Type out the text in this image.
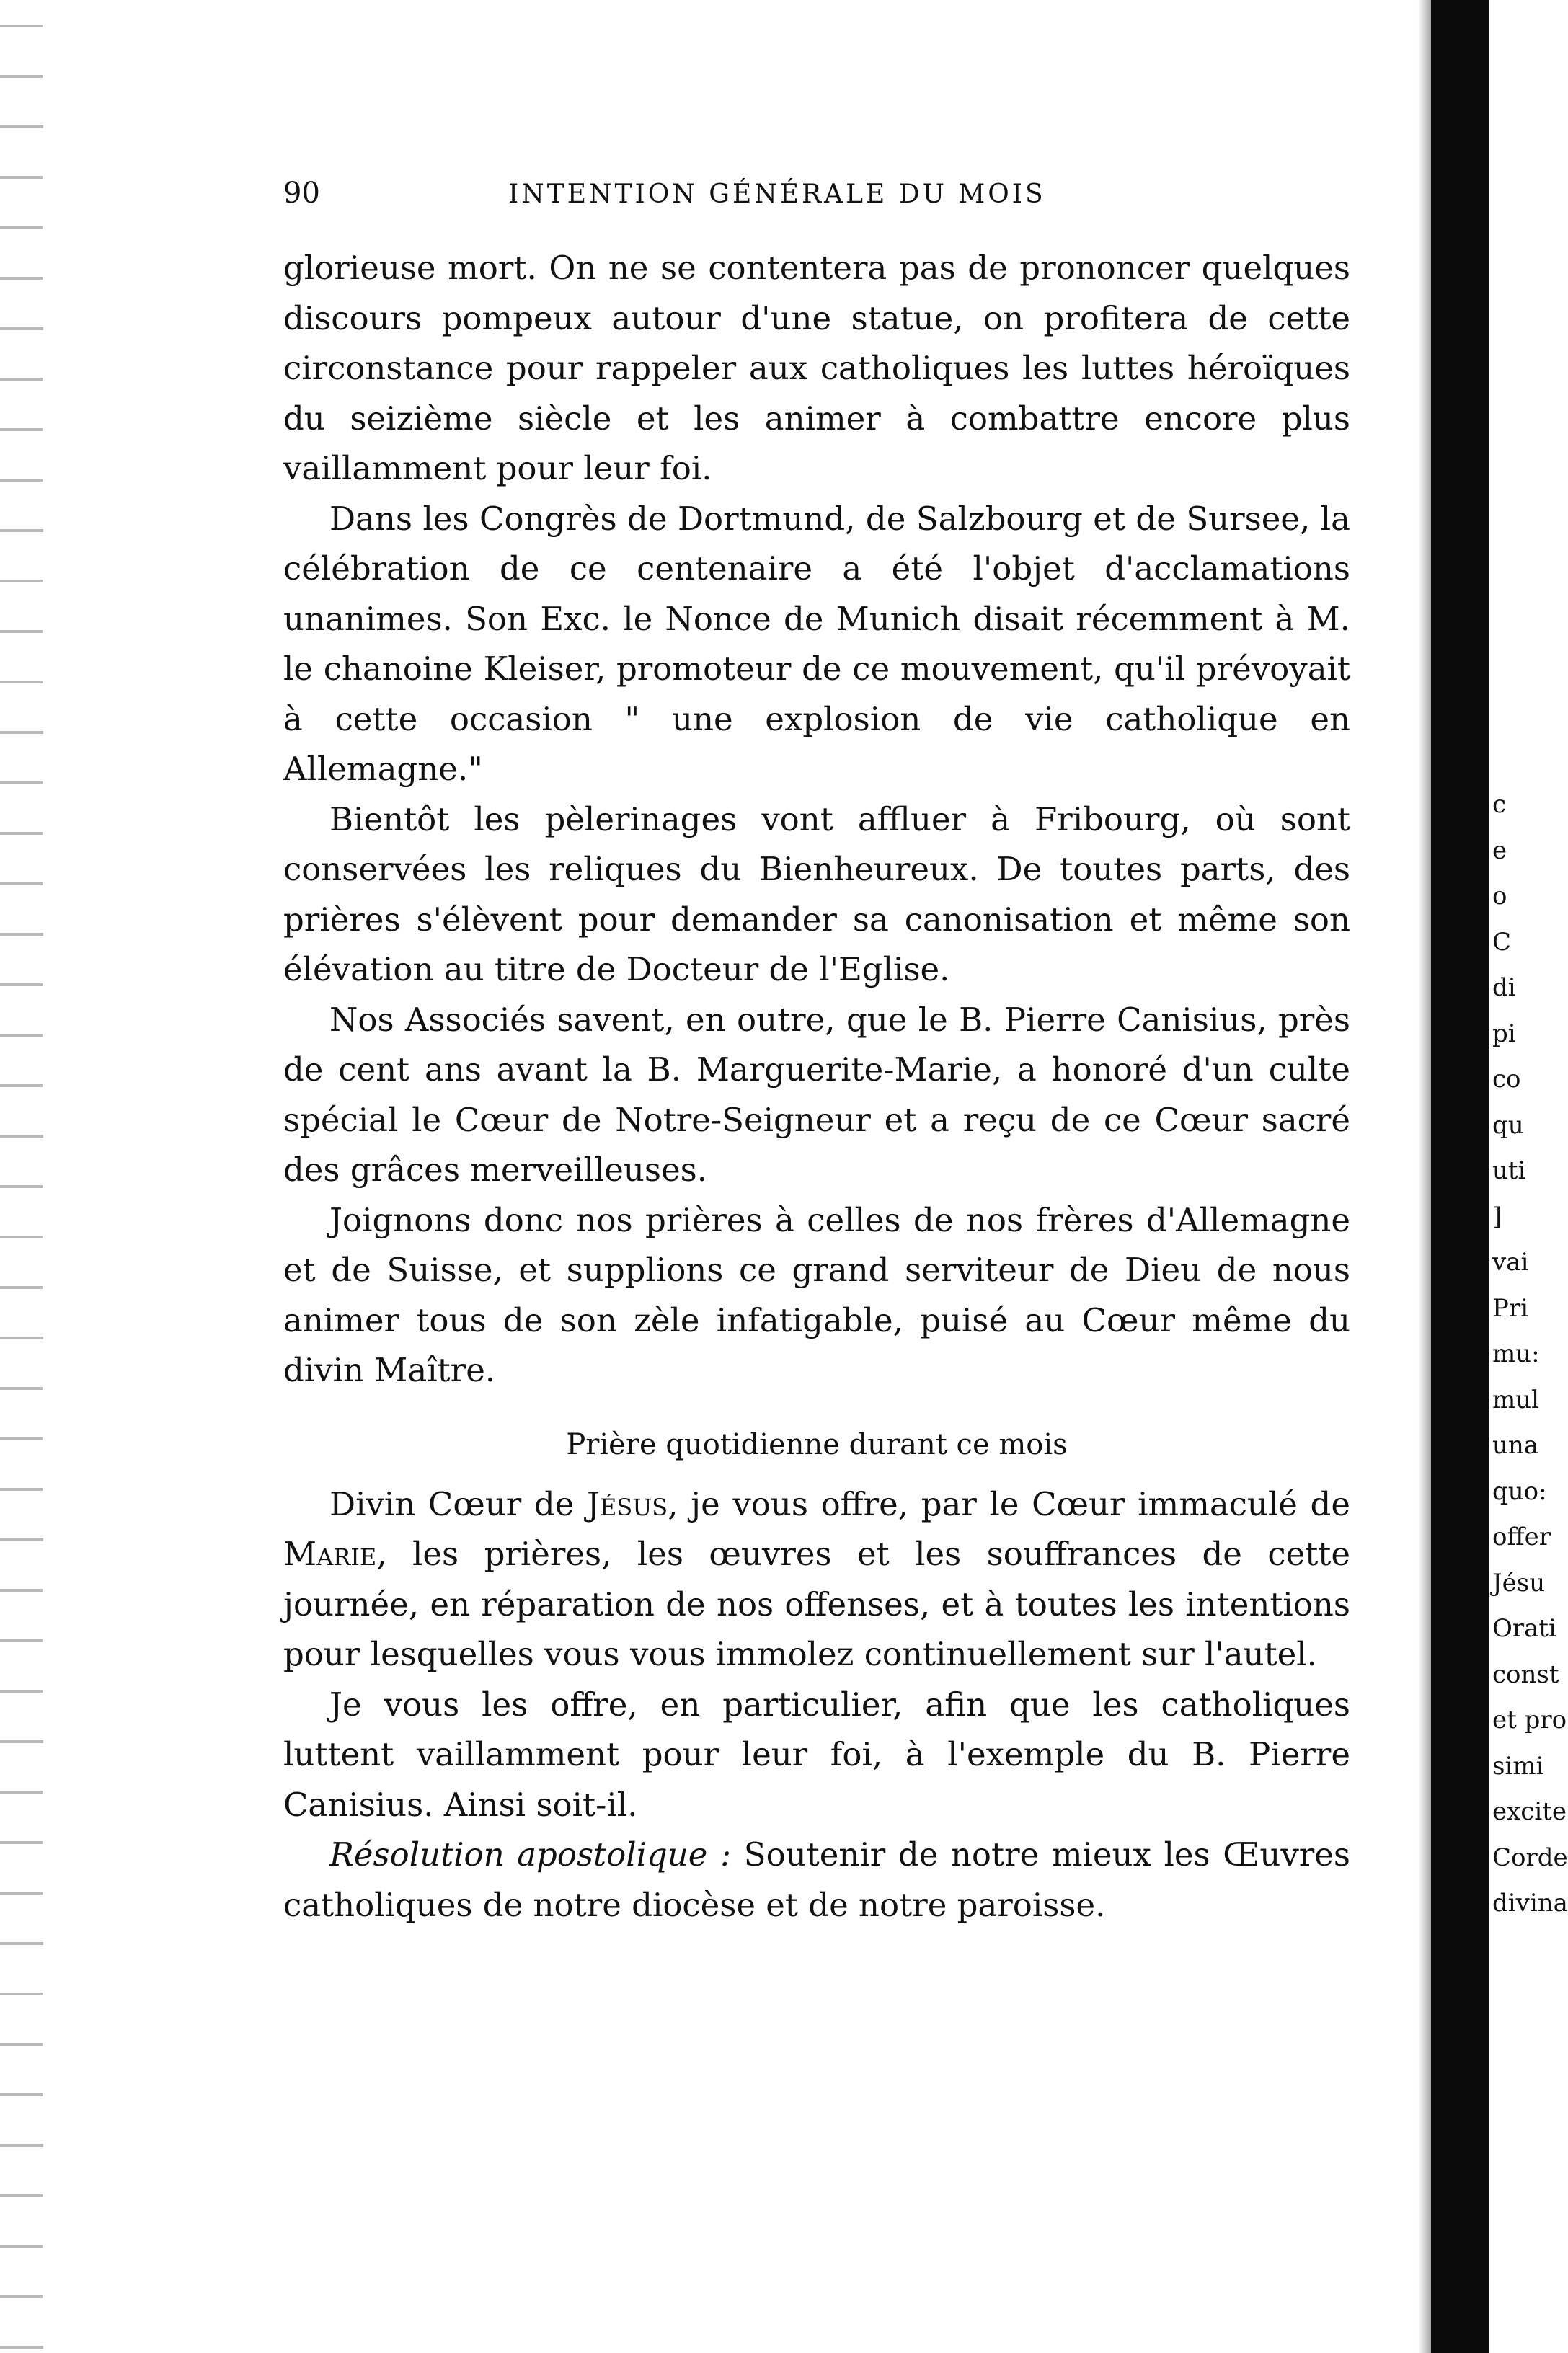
c
e
o
C
di
pi
co
qu
uti
]
vai
Pri
mu:
mul
una
quo:
offer
Jésu
Orati
const
et pro
simi
excite
Corde
divina
90	INTENTION GÉNÉRALE DU MOIS

glorieuse mort. On ne se contentera pas de prononcer quelques discours pompeux autour d'une statue, on profitera de cette circonstance pour rappeler aux catholiques les luttes héroïques du seizième siècle et les animer à combattre encore plus vaillamment pour leur foi.

Dans les Congrès de Dortmund, de Salzbourg et de Sursee, la célébration de ce centenaire a été l'objet d'acclamations unanimes. Son Exc. le Nonce de Munich disait récemment à M. le chanoine Kleiser, promoteur de ce mouvement, qu'il prévoyait à cette occasion " une explosion de vie catholique en Allemagne."

Bientôt les pèlerinages vont affluer à Fribourg, où sont conservées les reliques du Bienheureux. De toutes parts, des prières s'élèvent pour demander sa canonisation et même son élévation au titre de Docteur de l'Eglise.

Nos Associés savent, en outre, que le B. Pierre Canisius, près de cent ans avant la B. Marguerite-Marie, a honoré d'un culte spécial le Cœur de Notre-Seigneur et a reçu de ce Cœur sacré des grâces merveilleuses.

Joignons donc nos prières à celles de nos frères d'Allemagne et de Suisse, et supplions ce grand serviteur de Dieu de nous animer tous de son zèle infatigable, puisé au Cœur même du divin Maître.

Prière quotidienne durant ce mois

Divin Cœur de Jésus, je vous offre, par le Cœur immaculé de Marie, les prières, les œuvres et les souffrances de cette journée, en réparation de nos offenses, et à toutes les intentions pour lesquelles vous vous immolez continuellement sur l'autel.

Je vous les offre, en particulier, afin que les catholiques luttent vaillamment pour leur foi, à l'exemple du B. Pierre Canisius. Ainsi soit-il.

Résolution apostolique : Soutenir de notre mieux les Œuvres catholiques de notre diocèse et de notre paroisse.
